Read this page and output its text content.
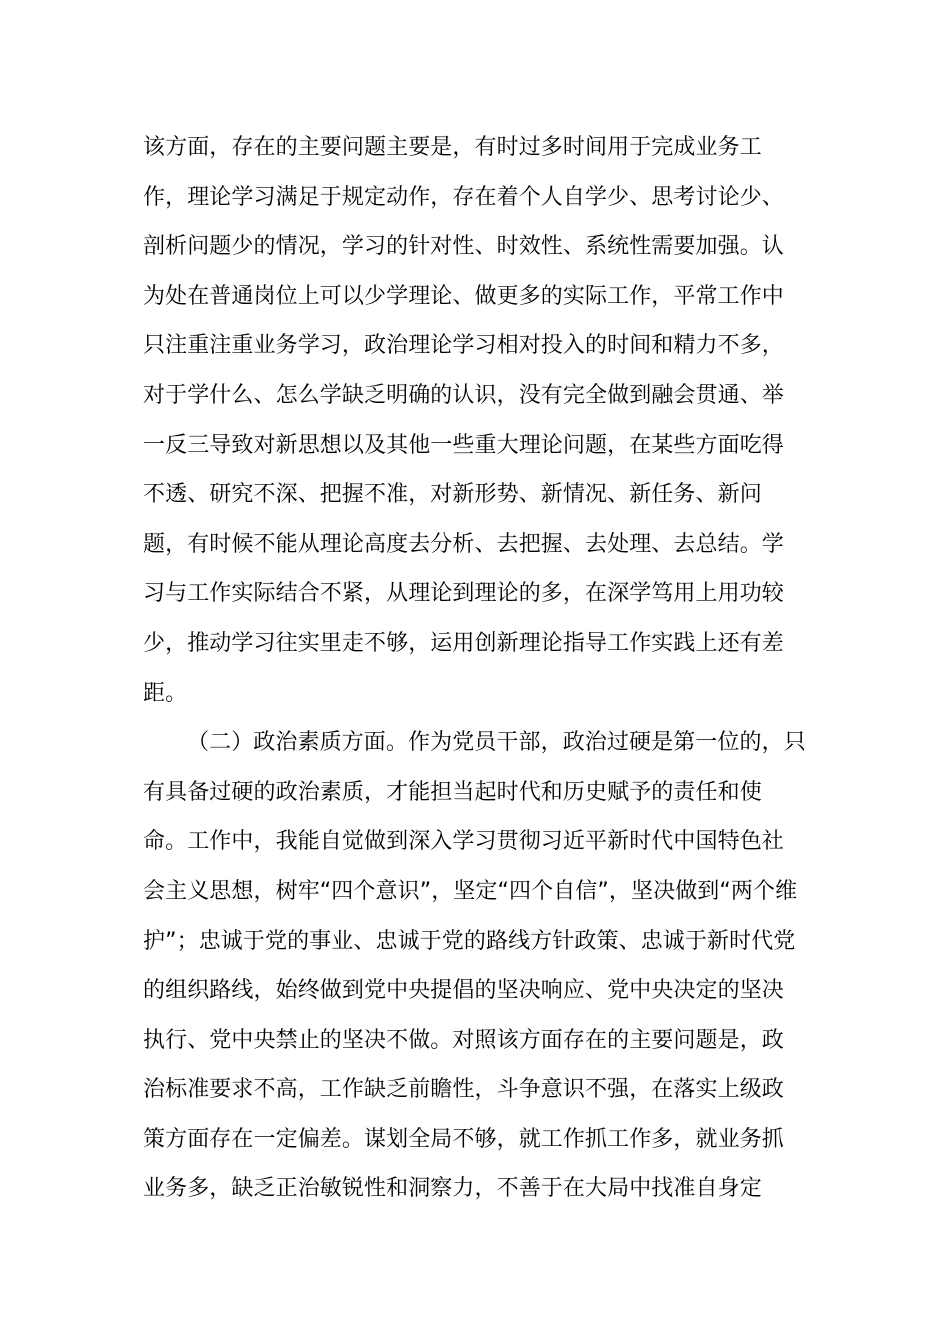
该方面，存在的主要问题主要是，有时过多时间用于完成业务工
作，理论学习满足于规定动作，存在着个人自学少、思考讨论少、
剖析问题少的情况，学习的针对性、时效性、系统性需要加强。认
为处在普通岗位上可以少学理论、做更多的实际工作，平常工作中
只注重注重业务学习，政治理论学习相对投入的时间和精力不多，
对于学什么、怎么学缺乏明确的认识，没有完全做到融会贯通、举
一反三导致对新思想以及其他一些重大理论问题，在某些方面吃得
不透、研究不深、把握不准，对新形势、新情况、新任务、新问
题，有时候不能从理论高度去分析、去把握、去处理、去总结。学
习与工作实际结合不紧，从理论到理论的多，在深学笃用上用功较
少，推动学习往实里走不够，运用创新理论指导工作实践上还有差
距。
（二）政治素质方面。作为党员干部，政治过硬是第一位的，只
有具备过硬的政治素质，才能担当起时代和历史赋予的责任和使
命。工作中，我能自觉做到深入学习贯彻习近平新时代中国特色社
会主义思想，树牢“四个意识”，坚定“四个自信”，坚决做到“两个维
护”；忠诚于党的事业、忠诚于党的路线方针政策、忠诚于新时代党
的组织路线，始终做到党中央提倡的坚决响应、党中央决定的坚决
执行、党中央禁止的坚决不做。对照该方面存在的主要问题是，政
治标准要求不高，工作缺乏前瞻性，斗争意识不强，在落实上级政
策方面存在一定偏差。谋划全局不够，就工作抓工作多，就业务抓
业务多，缺乏正治敏锐性和洞察力，不善于在大局中找准自身定
